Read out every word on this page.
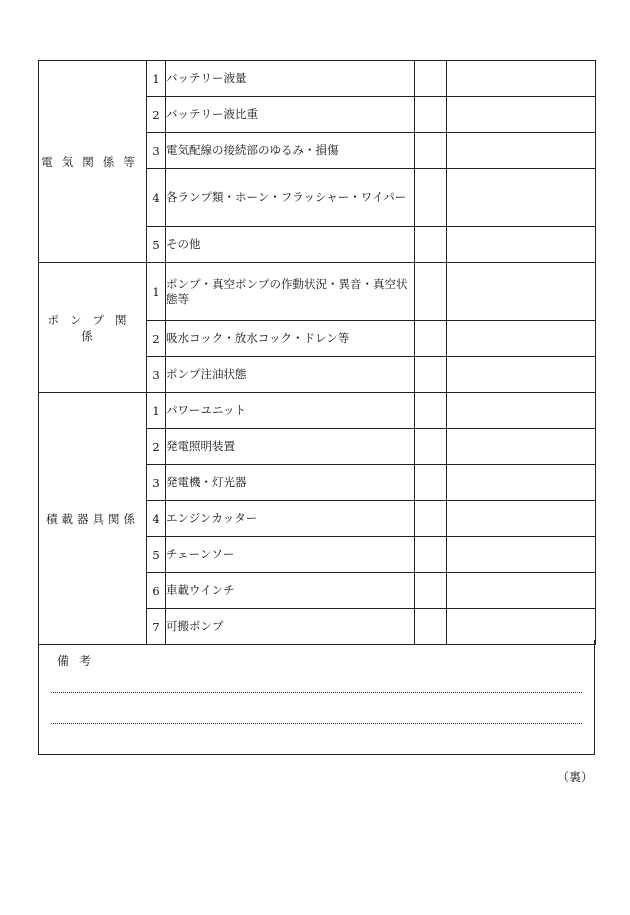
電気関係等	1	バッテリー液量		
	2	バッテリー液比重		
	3	電気配線の接続部のゆるみ・損傷		
	4	各ランプ類・ホーン・フラッシャー・ワイパー		
	5	その他		
ポンプ関係	1	ポンプ・真空ポンプの作動状況・異音・真空状態等		
	2	吸水コック・放水コック・ドレン等		
	3	ポンプ注油状態		
積載器具関係	1	パワーユニット		
	2	発電照明装置		
	3	発電機・灯光器		
	4	エンジンカッター		
	5	チェーンソー		
	6	車載ウインチ		
	7	可搬ポンプ		
備考
（裏）
